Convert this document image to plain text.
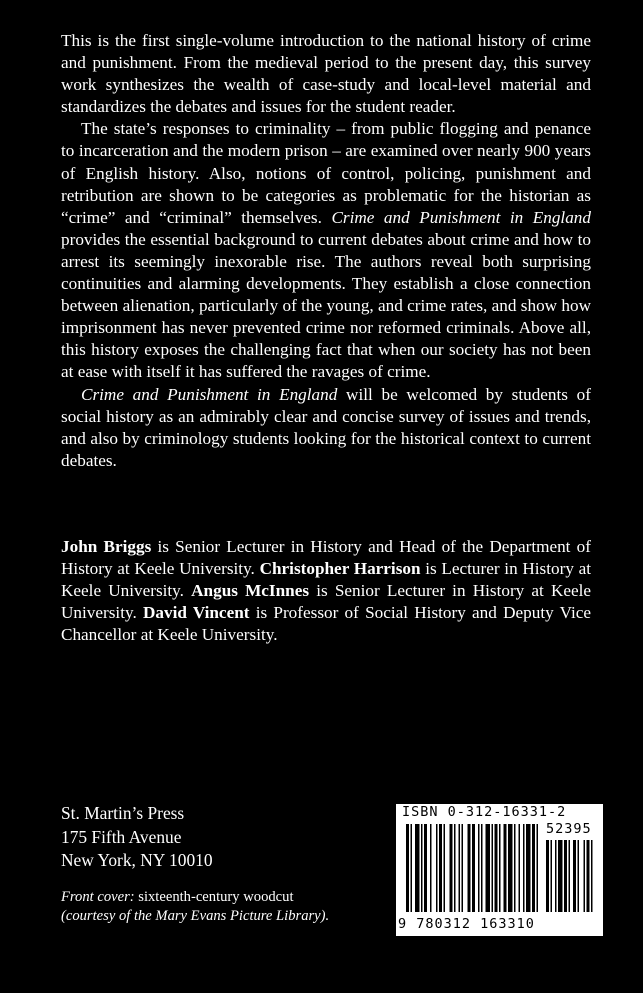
This is the first single-volume introduction to the national history of crime and punishment. From the medieval period to the present day, this survey work synthesizes the wealth of case-study and local-level material and standardizes the debates and issues for the student reader.

The state’s responses to criminality – from public flogging and penance to incarceration and the modern prison – are examined over nearly 900 years of English history. Also, notions of control, policing, punishment and retribution are shown to be categories as problematic for the historian as “crime” and “criminal” themselves. Crime and Punishment in England provides the essential background to current debates about crime and how to arrest its seemingly inexorable rise. The authors reveal both surprising continuities and alarming developments. They establish a close connection between alienation, particularly of the young, and crime rates, and show how imprisonment has never prevented crime nor reformed criminals. Above all, this history exposes the challenging fact that when our society has not been at ease with itself it has suffered the ravages of crime.

Crime and Punishment in England will be welcomed by students of social history as an admirably clear and concise survey of issues and trends, and also by criminology students looking for the historical context to current debates.

John Briggs is Senior Lecturer in History and Head of the Department of History at Keele University. Christopher Harrison is Lecturer in History at Keele University. Angus McInnes is Senior Lecturer in History at Keele University. David Vincent is Professor of Social History and Deputy Vice Chancellor at Keele University.
St. Martin’s Press
175 Fifth Avenue
New York, NY 10010
Front cover: sixteenth-century woodcut
(courtesy of the Mary Evans Picture Library).
ISBN 0-312-16331-2
52395
9 780312 163310
